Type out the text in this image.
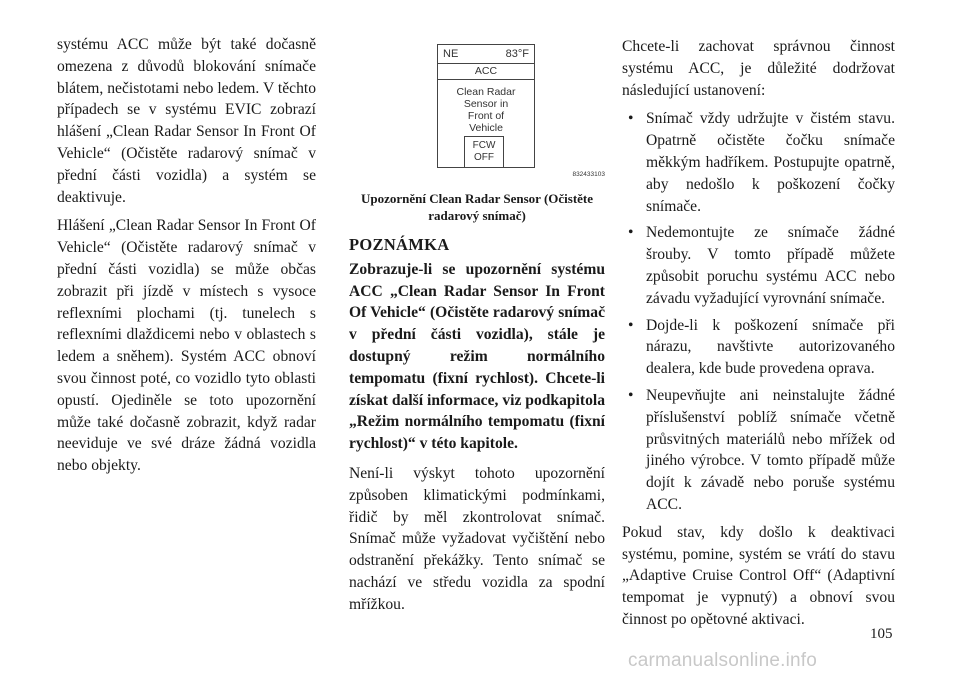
systému ACC může být také dočasně omezena z důvodů blokování snímače blátem, nečistotami nebo ledem. V těchto případech se v systému EVIC zobrazí hlášení „Clean Radar Sensor In Front Of Vehicle“ (Očistěte radarový snímač v přední části vozidla) a systém se deaktivuje.

Hlášení „Clean Radar Sensor In Front Of Vehicle“ (Očistěte radarový snímač v přední části vozidla) se může občas zobrazit při jízdě v místech s vysoce reflexními plochami (tj. tunelech s reflexními dlaždicemi nebo v oblastech s ledem a sněhem). Systém ACC obnoví svou činnost poté, co vozidlo tyto oblasti opustí. Ojediněle se toto upozornění může také dočasně zobrazit, když radar neeviduje ve své dráze žádná vozidla nebo objekty.

NE	83°F
ACC
Clean Radar
Sensor in
Front of
Vehicle
FCW
OFF
832433103
Upozornění Clean Radar Sensor (Očistěte radarový snímač)
POZNÁMKA

Zobrazuje-li se upozornění systému ACC „Clean Radar Sensor In Front Of Vehicle“ (Očistěte radarový snímač v přední části vozidla), stále je dostupný režim normálního tempomatu (fixní rychlost). Chcete-li získat další informace, viz podkapitola „Režim normálního tempomatu (fixní rychlost)“ v této kapitole.

Není-li výskyt tohoto upozornění způsoben klimatickými podmínkami, řidič by měl zkontrolovat snímač. Snímač může vyžadovat vyčištění nebo odstranění překážky. Tento snímač se nachází ve středu vozidla za spodní mřížkou.

Chcete-li zachovat správnou činnost systému ACC, je důležité dodržovat následující ustanovení:

• Snímač vždy udržujte v čistém stavu. Opatrně očistěte čočku snímače měkkým hadříkem. Postupujte opatrně, aby nedošlo k poškození čočky snímače.
• Nedemontujte ze snímače žádné šrouby. V tomto případě můžete způsobit poruchu systému ACC nebo závadu vyžadující vyrovnání snímače.
• Dojde-li k poškození snímače při nárazu, navštivte autorizovaného dealera, kde bude provedena oprava.
• Neupevňujte ani neinstalujte žádné příslušenství poblíž snímače včetně průsvitných materiálů nebo mřížek od jiného výrobce. V tomto případě může dojít k závadě nebo poruše systému ACC.

Pokud stav, kdy došlo k deaktivaci systému, pomine, systém se vrátí do stavu „Adaptive Cruise Control Off“ (Adaptivní tempomat je vypnutý) a obnoví svou činnost po opětovné aktivaci.

105
carmanualsonline.info
